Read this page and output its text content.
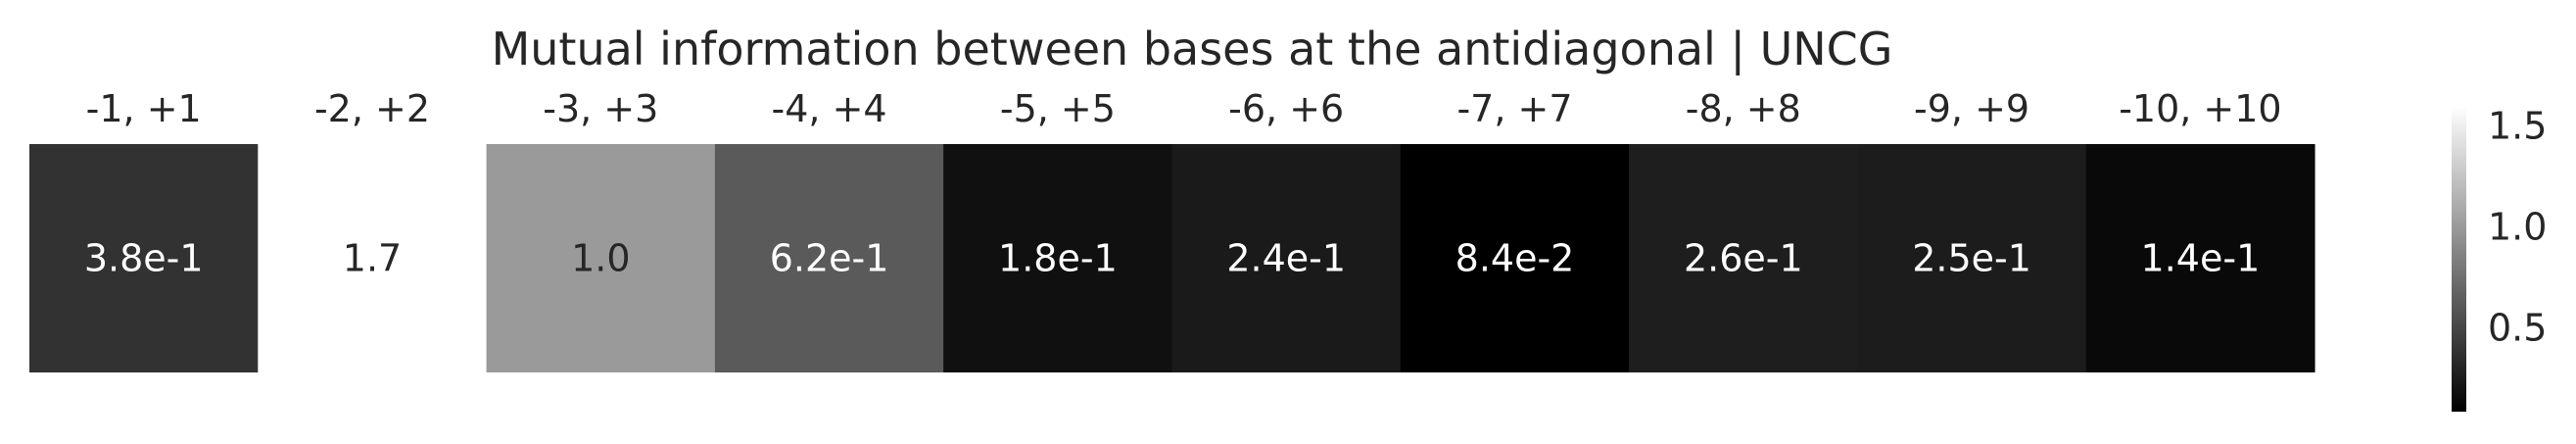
Mutual information between bases at the antidiagonal | UNCG
3.8e-1	1.7	1.0	6.2e-1	1.8e-1	2.4e-1	8.4e-2	2.6e-1	2.5e-1	1.4e-1
-1, +1	-2, +2	-3, +3	-4, +4	-5, +5	-6, +6	-7, +7	-8, +8	-9, +9 -10, +10
0.5
1.0
1.5
